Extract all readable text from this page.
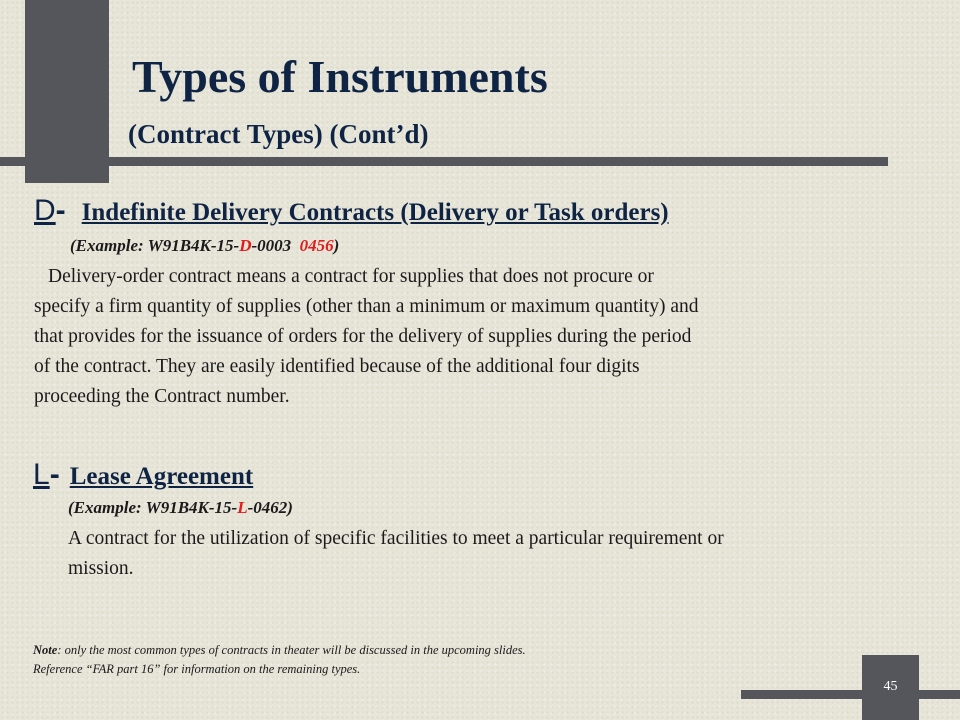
Types of Instruments
(Contract Types) (Cont’d)
D- Indefinite Delivery Contracts (Delivery or Task orders)
(Example: W91B4K-15-D-0003  0456)
Delivery-order contract means a contract for supplies that does not procure or
specify a firm quantity of supplies (other than a minimum or maximum quantity) and
that provides for the issuance of orders for the delivery of supplies during the period
of the contract. They are easily identified because of the additional four digits
proceeding the Contract number.
L- Lease Agreement
(Example: W91B4K-15-L-0462)
A contract for the utilization of specific facilities to meet a particular requirement or
mission.
Note: only the most common types of contracts in theater will be discussed in the upcoming slides.
Reference “FAR part 16” for information on the remaining types.
45
